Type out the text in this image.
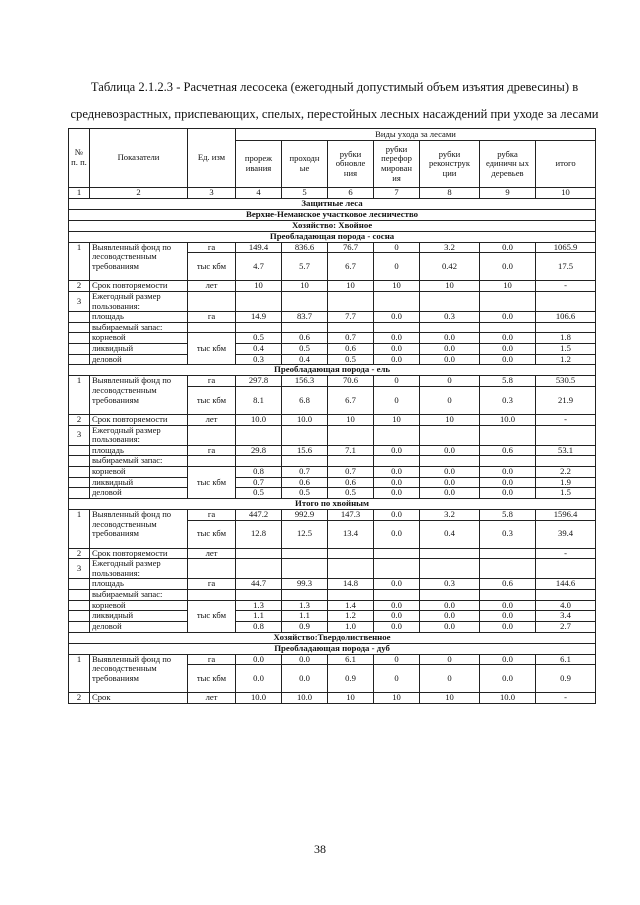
Таблица 2.1.2.3 - Расчетная лесосека (ежегодный допустимый объем изъятия древесины) в средневозрастных, приспевающих, спелых, перестойных лесных насаждений при уходе за лесами
№ п. п.	Показатели	Ед. изм	Виды ухода за лесами						
			прореж ивания	проходн ые	рубки обновле ния	рубки перефор мирован ия	рубки реконструк ции	рубка единичн ых деревьев	итого
1	2	3	4	5	6	7	8	9	10
Защитные леса									
Верхне-Неманское участковое лесничество									
Хозяйство: Хвойное									
Преобладающая порода - сосна									
1	Выявленный фонд по лесоводственным требованиям	га	149.4	836.6	76.7	0	3.2	0.0	1065.9
		тыс кбм	4.7	5.7	6.7	0	0.42	0.0	17.5
2	Срок повторяемости	лет	10	10	10	10	10	10	-
3	Ежегодный размер пользования:								
	площадь	га	14.9	83.7	7.7	0.0	0.3	0.0	106.6
	выбираемый запас:								
	корневой	тыс кбм	0.5	0.6	0.7	0.0	0.0	0.0	1.8
	ликвидный		0.4	0.5	0.6	0.0	0.0	0.0	1.5
	деловой		0.3	0.4	0.5	0.0	0.0	0.0	1.2
Преобладающая порода - ель									
1	Выявленный фонд по лесоводственным требованиям	га	297.8	156.3	70.6	0	0	5.8	530.5
		тыс кбм	8.1	6.8	6.7	0	0	0.3	21.9
2	Срок повторяемости	лет	10.0	10.0	10	10	10	10.0	-
3	Ежегодный размер пользования:								
	площадь	га	29.8	15.6	7.1	0.0	0.0	0.6	53.1
	выбираемый запас:								
	корневой	тыс кбм	0.8	0.7	0.7	0.0	0.0	0.0	2.2
	ликвидный		0.7	0.6	0.6	0.0	0.0	0.0	1.9
	деловой		0.5	0.5	0.5	0.0	0.0	0.0	1.5
Итого по хвойным									
1	Выявленный фонд по лесоводственным требованиям	га	447.2	992.9	147.3	0.0	3.2	5.8	1596.4
		тыс кбм	12.8	12.5	13.4	0.0	0.4	0.3	39.4
2	Срок повторяемости	лет							-
3	Ежегодный размер пользования:								
	площадь	га	44.7	99.3	14.8	0.0	0.3	0.6	144.6
	выбираемый запас:								
	корневой	тыс кбм	1.3	1.3	1.4	0.0	0.0	0.0	4.0
	ликвидный		1.1	1.1	1.2	0.0	0.0	0.0	3.4
	деловой		0.8	0.9	1.0	0.0	0.0	0.0	2.7
Хозяйство:Твердолиственное									
Преобладающая порода - дуб									
1	Выявленный фонд по лесоводственным требованиям	га	0.0	0.0	6.1	0	0	0.0	6.1
		тыс кбм	0.0	0.0	0.9	0	0	0.0	0.9
2	Срок	лет	10.0	10.0	10	10	10	10.0	-
38
